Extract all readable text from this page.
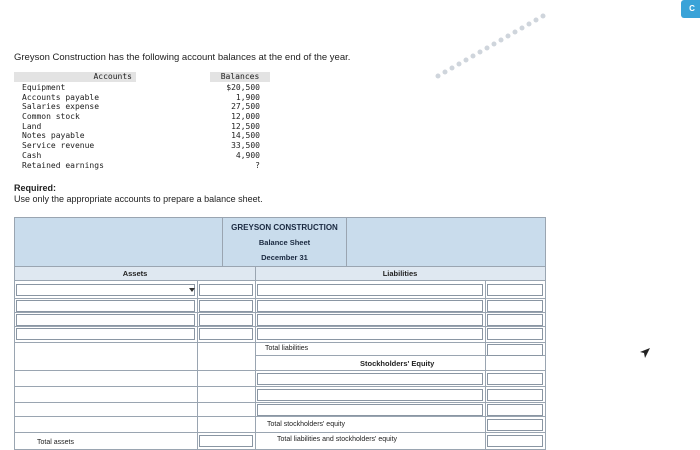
Greyson Construction has the following account balances at the end of the year.
Accounts	Balances
Equipment	$20,500
Accounts payable	1,900
Salaries expense	27,500
Common stock	12,000
Land	12,500
Notes payable	14,500
Service revenue	33,500
Cash	4,900
Retained earnings	?
Required:
Use only the appropriate accounts to prepare a balance sheet.
GREYSON CONSTRUCTION
Balance Sheet
December 31
Assets	Liabilities
Total liabilities
Stockholders' Equity
Total stockholders' equity
Total liabilities and stockholders' equity
Total assets
C
